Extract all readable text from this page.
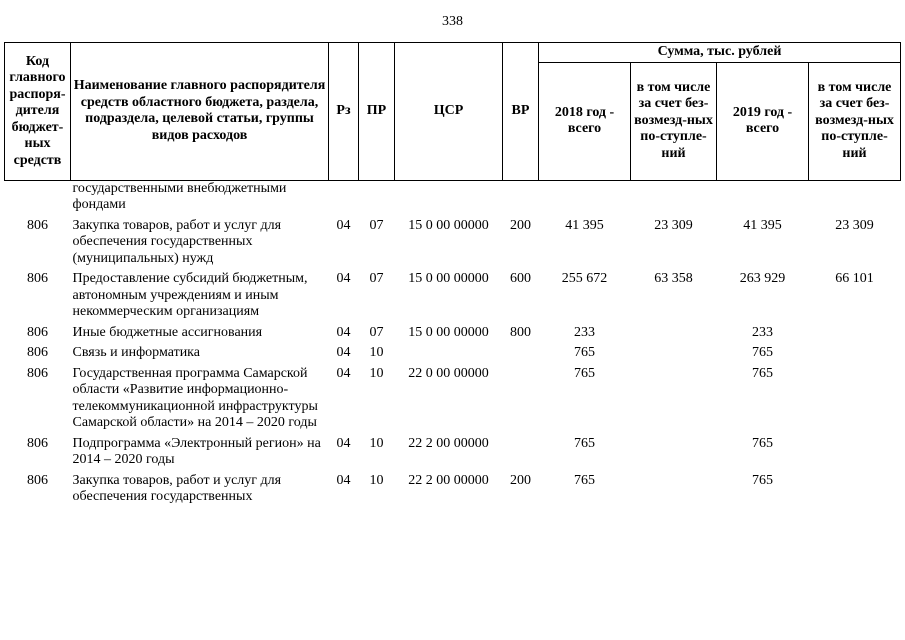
338
Код главного распоря-дителя бюджет-ных средств	Наименование главного распорядителя средств областного бюджета, раздела, подраздела, целевой статьи, группы видов расходов	Рз	ПР	ЦСР	ВР	Сумма, тыс. рублей			
						2018 год - всего	в том числе за счет без-возмезд-ных по-ступле-ний	2019 год - всего	в том числе за счет без-возмезд-ных по-ступле-ний
	государственными внебюджетными фондами								
806	Закупка товаров, работ и услуг для обеспечения государственных (муниципальных) нужд	04	07	15 0 00 00000	200	41 395	23 309	41 395	23 309
806	Предоставление субсидий бюджетным, автономным учреждениям и иным некоммерческим организациям	04	07	15 0 00 00000	600	255 672	63 358	263 929	66 101
806	Иные бюджетные ассигнования	04	07	15 0 00 00000	800	233		233	
806	Связь и информатика	04	10			765		765	
806	Государственная программа Самарской области «Развитие информационно-телекоммуникационной инфраструктуры Самарской области» на 2014 – 2020 годы	04	10	22 0 00 00000		765		765	
806	Подпрограмма «Электронный регион» на 2014 – 2020 годы	04	10	22 2 00 00000		765		765	
806	Закупка товаров, работ и услуг для обеспечения государственных	04	10	22 2 00 00000	200	765		765	
